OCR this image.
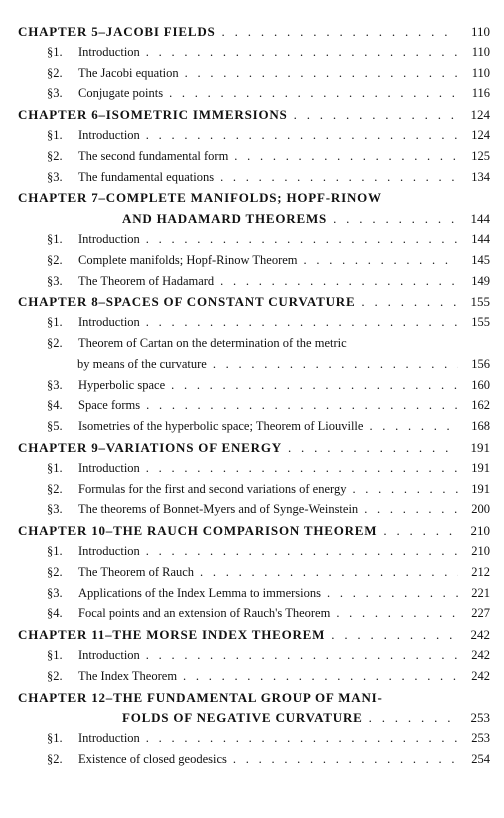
CHAPTER 5–JACOBI FIELDS . . .	110
§1.	Introduction . . .	110
§2.	The Jacobi equation . . .	110
§3.	Conjugate points . . .	116
CHAPTER 6–ISOMETRIC IMMERSIONS . . .	124
§1.	Introduction . . .	124
§2.	The second fundamental form . . .	125
§3.	The fundamental equations . . .	134
CHAPTER 7–COMPLETE MANIFOLDS; HOPF-RINOW
AND HADAMARD THEOREMS . . .	144
§1.	Introduction . . .	144
§2.	Complete manifolds; Hopf-Rinow Theorem . . .	145
§3.	The Theorem of Hadamard . . .	149
CHAPTER 8–SPACES OF CONSTANT CURVATURE . . .	155
§1.	Introduction . . .	155
§2.	Theorem of Cartan on the determination of the metric
by means of the curvature . . .	156
§3.	Hyperbolic space . . .	160
§4.	Space forms . . .	162
§5.	Isometries of the hyperbolic space; Theorem of Liouville . . .	168
CHAPTER 9–VARIATIONS OF ENERGY . . .	191
§1.	Introduction . . .	191
§2.	Formulas for the first and second variations of energy . . .	191
§3.	The theorems of Bonnet-Myers and of Synge-Weinstein . . .	200
CHAPTER 10–THE RAUCH COMPARISON THEOREM . . .	210
§1.	Introduction . . .	210
§2.	The Theorem of Rauch . . .	212
§3.	Applications of the Index Lemma to immersions . . .	221
§4.	Focal points and an extension of Rauch's Theorem . . .	227
CHAPTER 11–THE MORSE INDEX THEOREM . . .	242
§1.	Introduction . . .	242
§2.	The Index Theorem . . .	242
CHAPTER 12–THE FUNDAMENTAL GROUP OF MANI-
FOLDS OF NEGATIVE CURVATURE . . .	253
§1.	Introduction . . .	253
§2.	Existence of closed geodesics . . .	254
